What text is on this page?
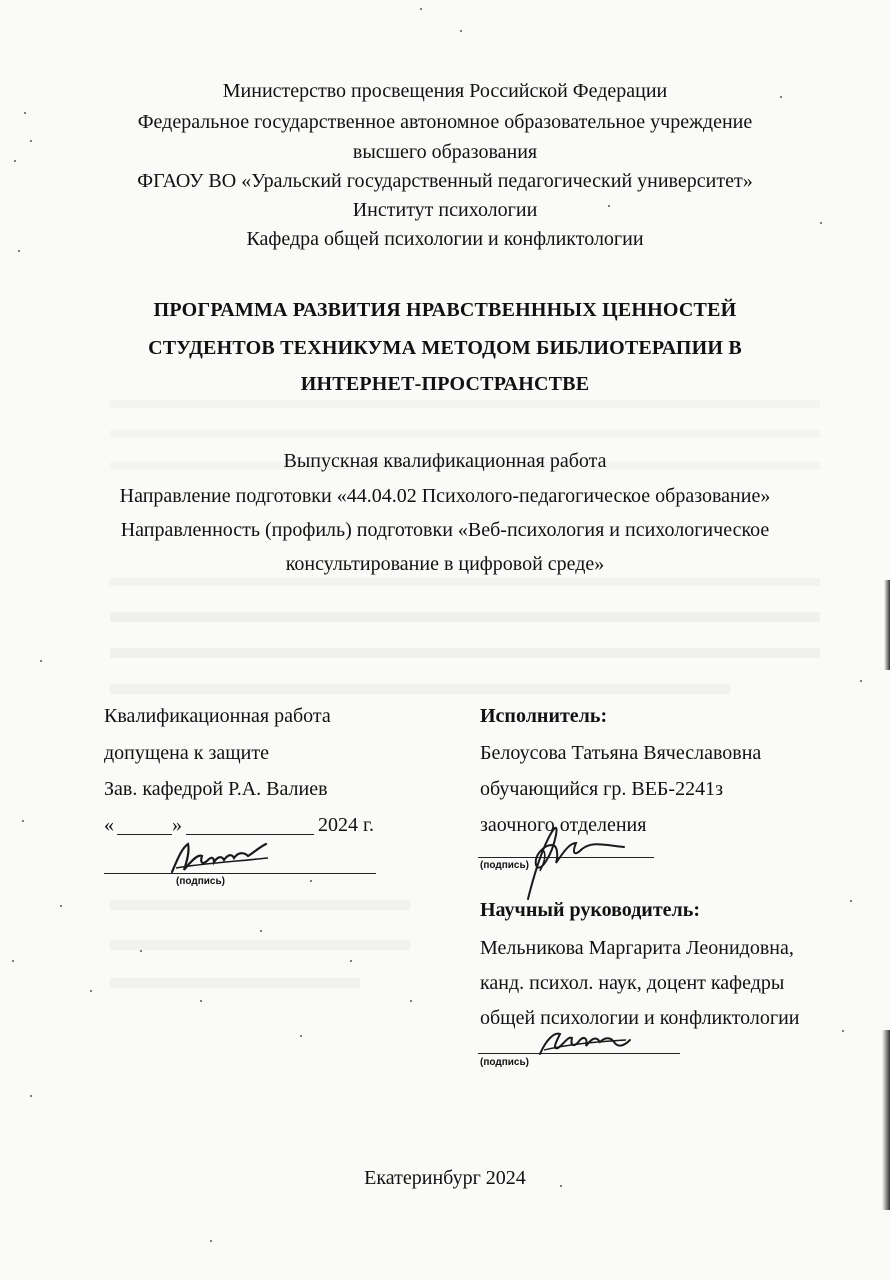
Министерство просвещения Российской Федерации
Федеральное государственное автономное образовательное учреждение
высшего образования
ФГАОУ ВО «Уральский государственный педагогический университет»
Институт психологии
Кафедра общей психологии и конфликтологии
ПРОГРАММА РАЗВИТИЯ НРАВСТВЕНННЫХ ЦЕННОСТЕЙ
СТУДЕНТОВ ТЕХНИКУМА МЕТОДОМ БИБЛИОТЕРАПИИ В
ИНТЕРНЕТ-ПРОСТРАНСТВЕ
Выпускная квалификационная работа
Направление подготовки «44.04.02 Психолого-педагогическое образование»
Направленность (профиль) подготовки «Веб-психология и психологическое
консультирование в цифровой среде»
Квалификационная работа
допущена к защите
Зав. кафедрой Р.А. Валиев
«	»	2024 г.
(подпись)
Исполнитель:
Белоусова Татьяна Вячеславовна
обучающийся гр. ВЕБ-2241з
заочного отделения
(подпись)
Научный руководитель:
Мельникова Маргарита Леонидовна,
канд. психол. наук, доцент кафедры
общей психологии и конфликтологии
(подпись)
Екатеринбург 2024
